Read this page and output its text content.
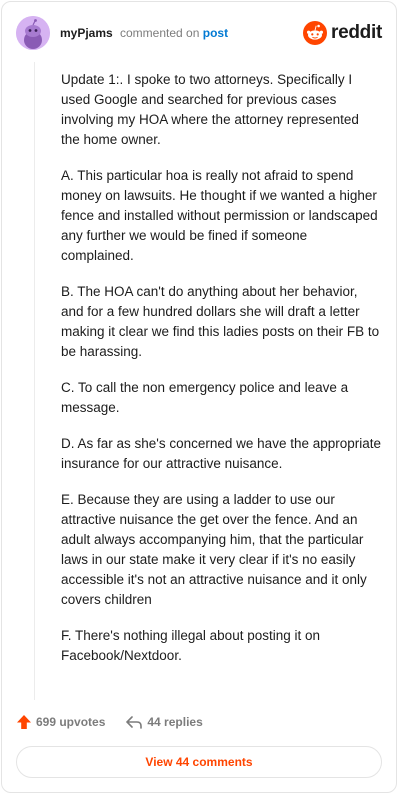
myPjams commented on post	reddit

Update 1:. I spoke to two attorneys. Specifically I used Google and searched for previous cases involving my HOA where the attorney represented the home owner.

A. This particular hoa is really not afraid to spend money on lawsuits. He thought if we wanted a higher fence and installed without permission or landscaped any further we would be fined if someone complained.

B. The HOA can't do anything about her behavior, and for a few hundred dollars she will draft a letter making it clear we find this ladies posts on their FB to be harassing.

C. To call the non emergency police and leave a message.

D. As far as she's concerned we have the appropriate insurance for our attractive nuisance.

E. Because they are using a ladder to use our attractive nuisance the get over the fence. And an adult always accompanying him, that the particular laws in our state make it very clear if it's no easily accessible it's not an attractive nuisance and it only covers children

F. There's nothing illegal about posting it on Facebook/Nextdoor.

699 upvotes	44 replies
View 44 comments
